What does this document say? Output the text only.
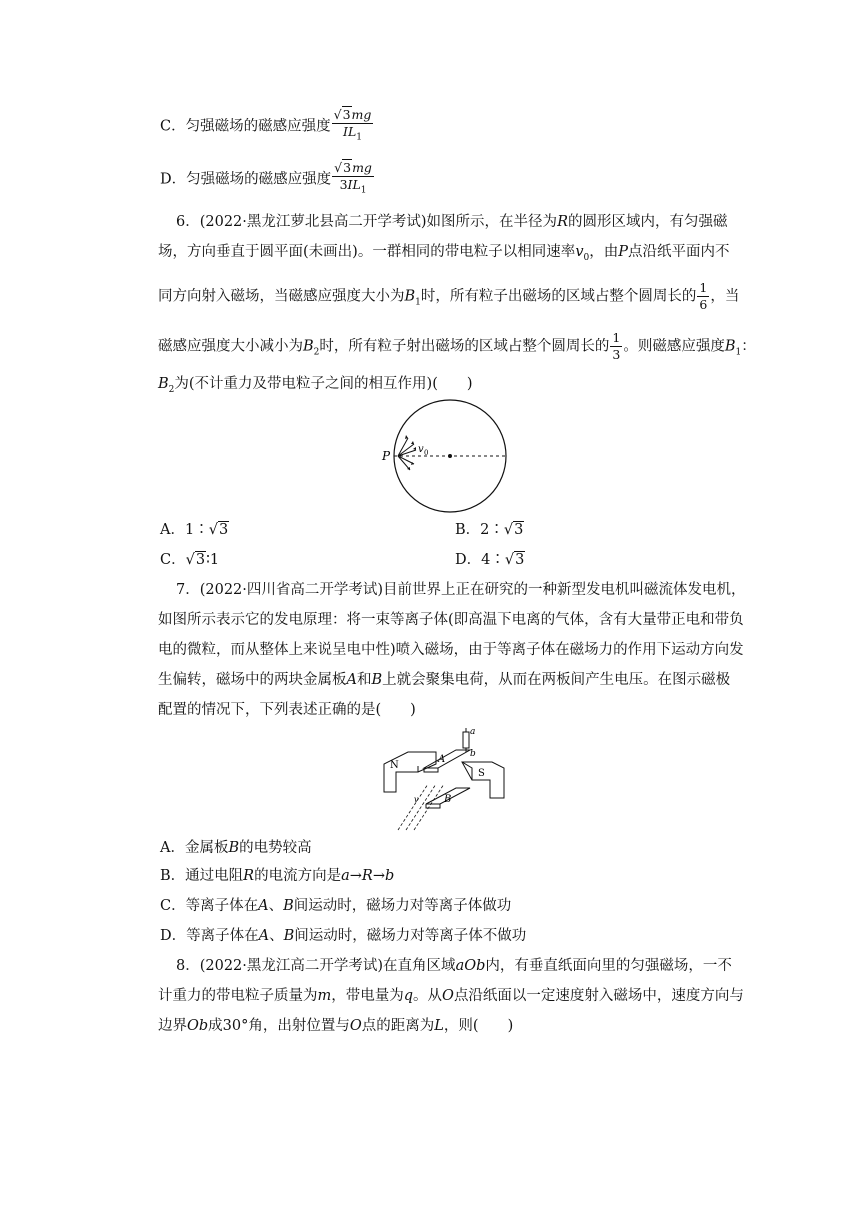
C．匀强磁场的磁感应强度 $\frac{√3mg}{IL_1}$
D．匀强磁场的磁感应强度 $\frac{√3mg}{3IL_1}$
6．(2022·黑龙江萝北县高二开学考试)如图所示，在半径为R的圆形区域内，有匀强磁
场，方向垂直于圆平面(未画出)。一群相同的带电粒子以相同速率$v_0$，由P点沿纸平面内不
同方向射入磁场，当磁感应强度大小为$B_1$时，所有粒子出磁场的区域占整个圆周长的 $\frac{1}{6}$ ，当
磁感应强度大小减小为$B_2$时，所有粒子射出磁场的区域占整个圆周长的 $\frac{1}{3}$ 。则磁感应强度$B_1$：
$B_2$为(不计重力及带电粒子之间的相互作用)(　　)
P	v 0
A．1∶√3	B．2∶√3
C．√3∶1	D．4∶√3
7．(2022·四川省高二开学考试)目前世界上正在研究的一种新型发电机叫磁流体发电机，
如图所示表示它的发电原理：将一束等离子体(即高温下电离的气体，含有大量带正电和带负
电的微粒，而从整体上来说呈电中性)喷入磁场，由于等离子体在磁场力的作用下运动方向发
生偏转，磁场中的两块金属板A和B上就会聚集电荷，从而在两板间产生电压。在图示磁极
配置的情况下，下列表述正确的是(　　)
N
S
A
B
a
b
v
A．金属板B的电势较高
B．通过电阻R的电流方向是a→R→b
C．等离子体在A、B间运动时，磁场力对等离子体做功
D．等离子体在A、B间运动时，磁场力对等离子体不做功
8．(2022·黑龙江高二开学考试)在直角区域aOb内，有垂直纸面向里的匀强磁场，一不
计重力的带电粒子质量为m，带电量为q。从O点沿纸面以一定速度射入磁场中，速度方向与
边界Ob成30°角，出射位置与O点的距离为L，则(　　)
